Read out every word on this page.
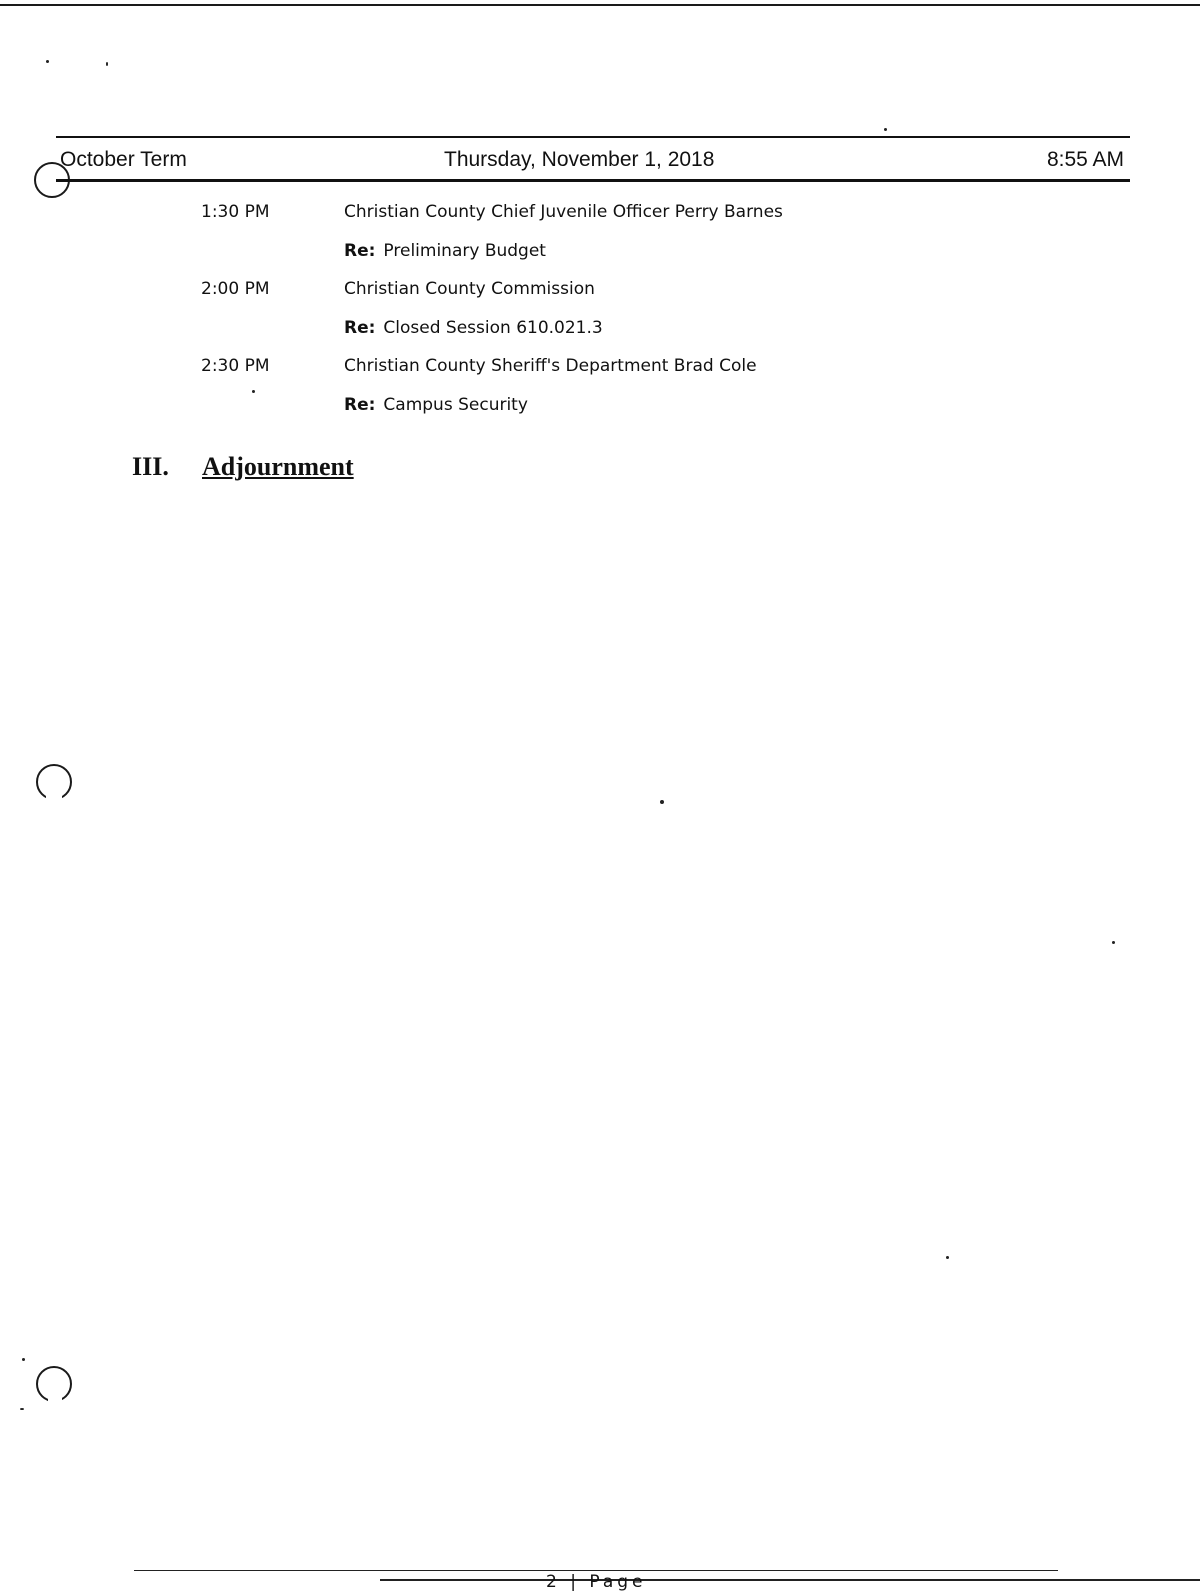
October Term	Thursday, November 1, 2018	8:55 AM
1:30 PM	Christian County Chief Juvenile Officer Perry Barnes
Re: Preliminary Budget
2:00 PM	Christian County Commission
Re: Closed Session 610.021.3
2:30 PM	Christian County Sheriff's Department Brad Cole
Re: Campus Security
III. Adjournment
2 | Page
